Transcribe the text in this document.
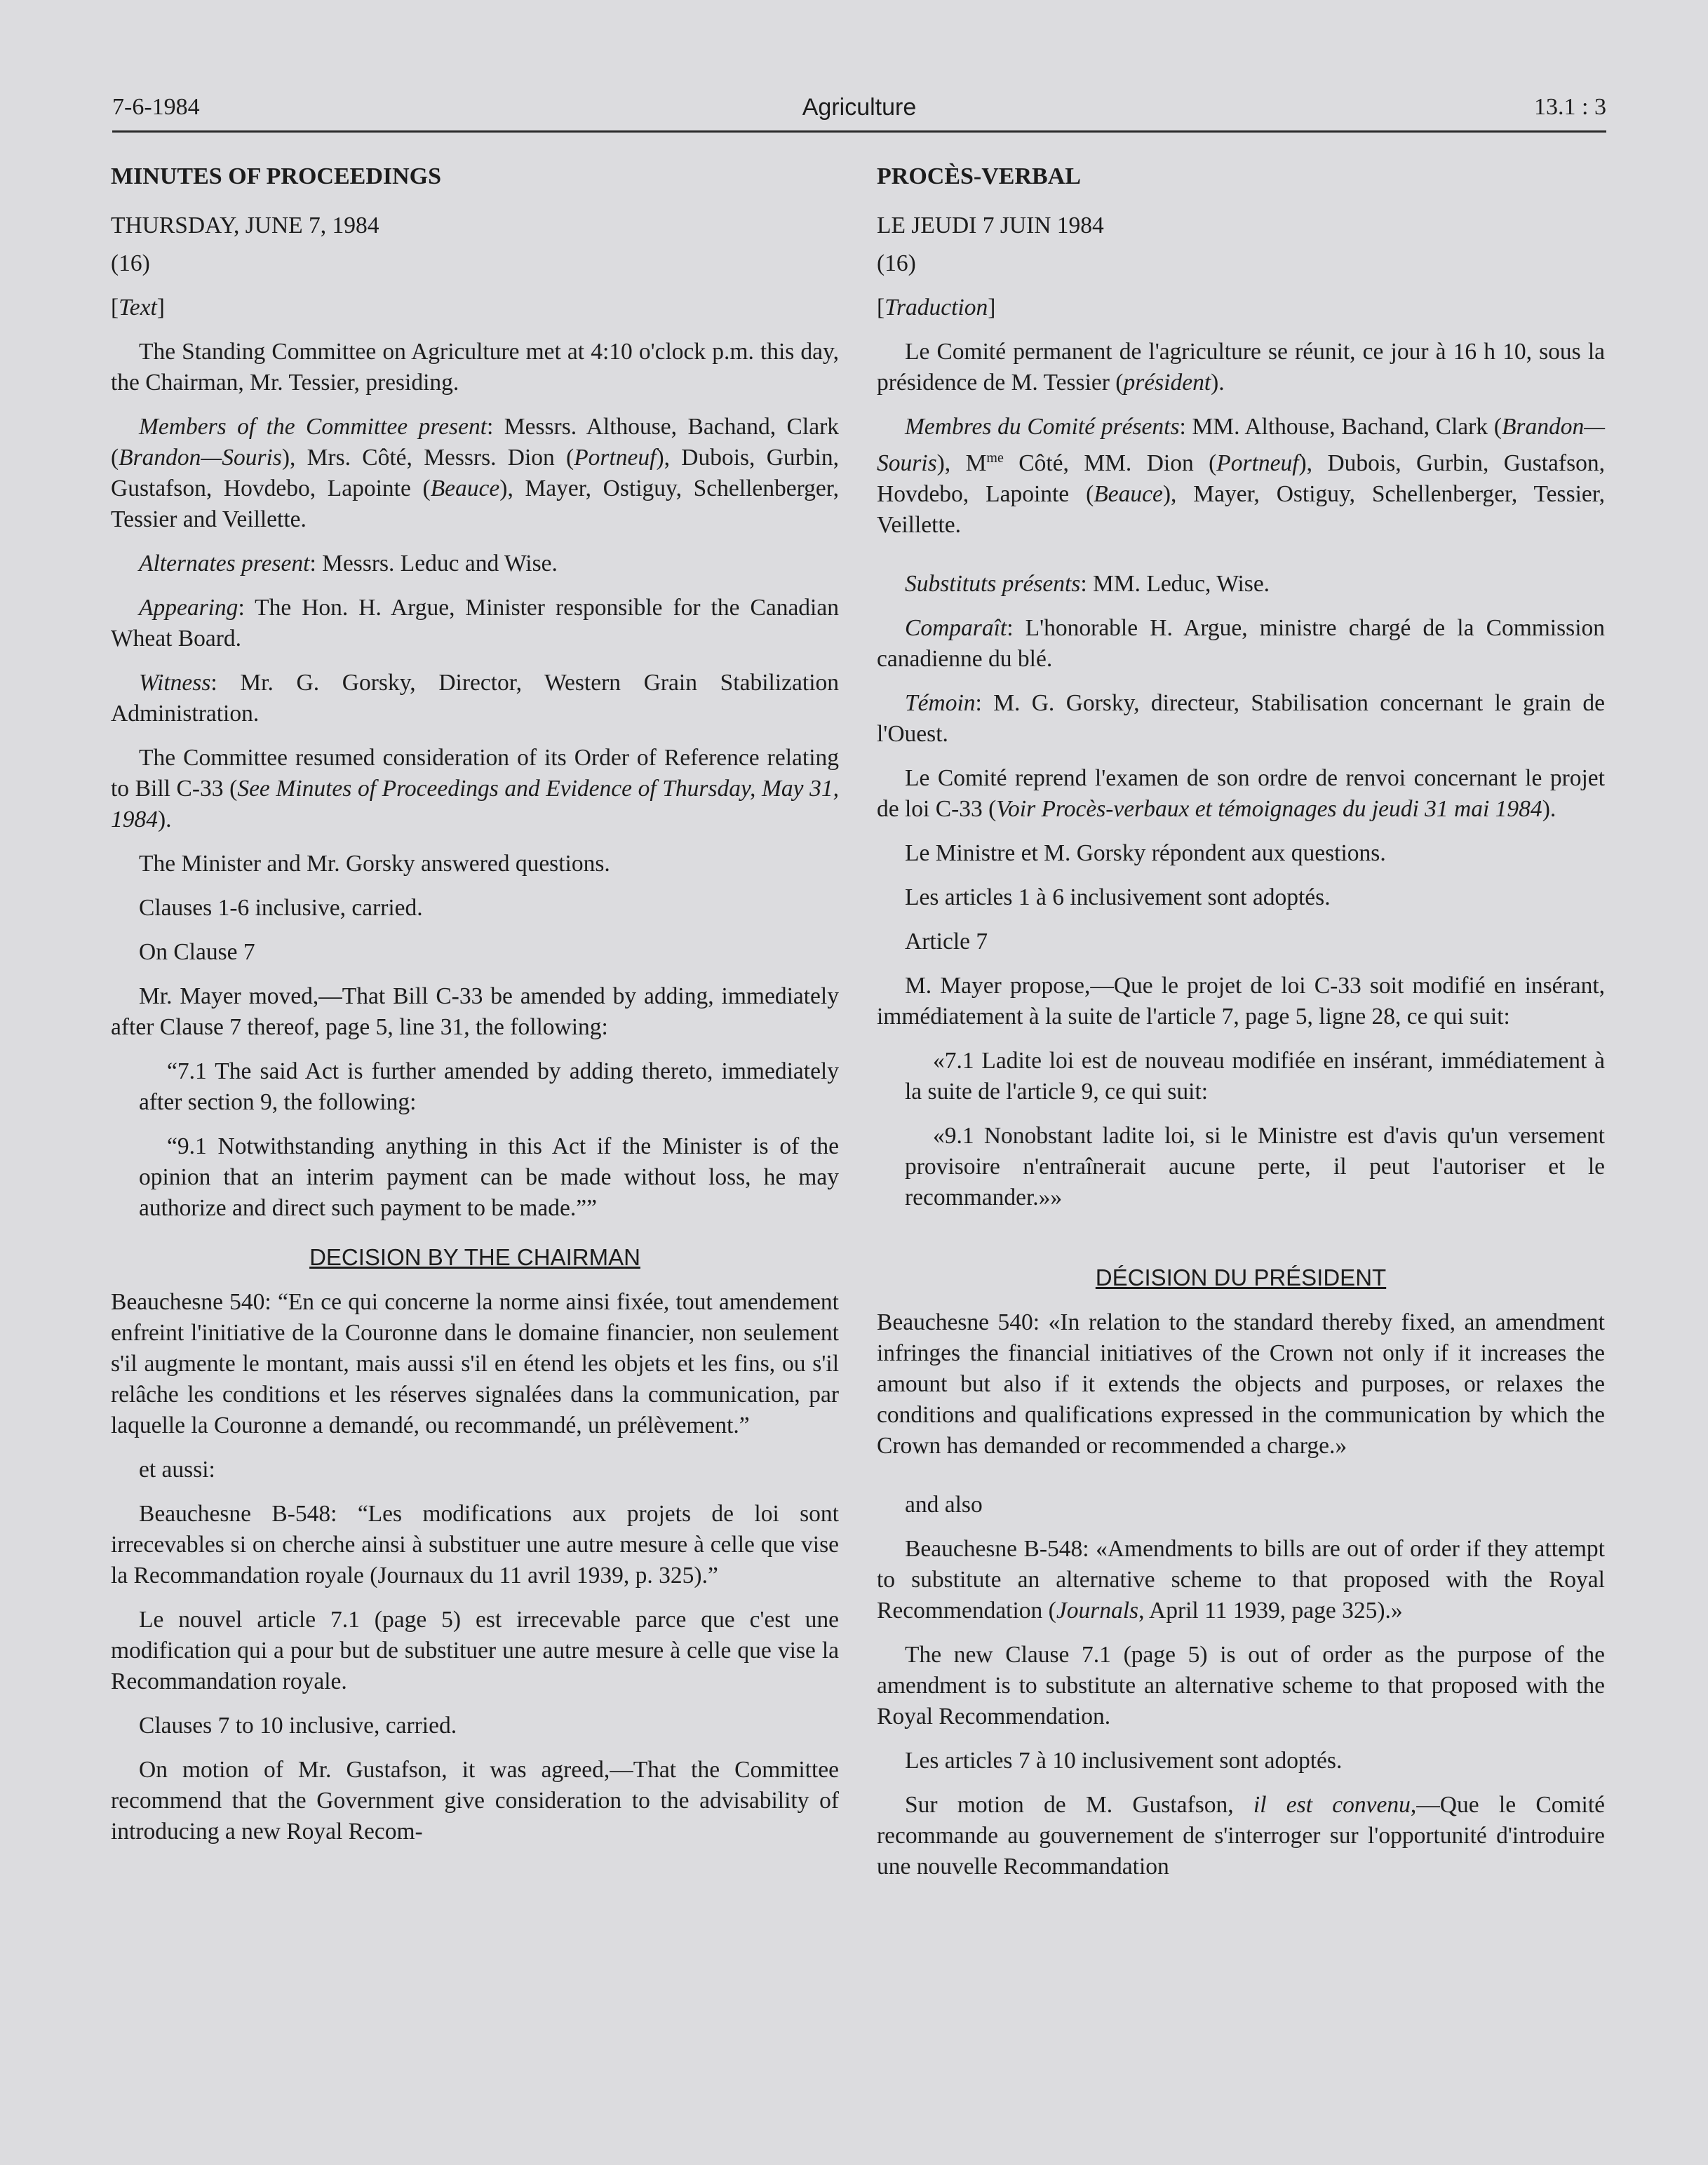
7-6-1984	Agriculture	13.1 : 3

MINUTES OF PROCEEDINGS

THURSDAY, JUNE 7, 1984

(16)

[Text]

The Standing Committee on Agriculture met at 4:10 o'clock p.m. this day, the Chairman, Mr. Tessier, presiding.

Members of the Committee present: Messrs. Althouse, Bachand, Clark (Brandon—Souris), Mrs. Côté, Messrs. Dion (Portneuf), Dubois, Gurbin, Gustafson, Hovdebo, Lapointe (Beauce), Mayer, Ostiguy, Schellenberger, Tessier and Veillette.

Alternates present: Messrs. Leduc and Wise.

Appearing: The Hon. H. Argue, Minister responsible for the Canadian Wheat Board.

Witness: Mr. G. Gorsky, Director, Western Grain Stabilization Administration.

The Committee resumed consideration of its Order of Reference relating to Bill C-33 (See Minutes of Proceedings and Evidence of Thursday, May 31, 1984).

The Minister and Mr. Gorsky answered questions.

Clauses 1-6 inclusive, carried.

On Clause 7

Mr. Mayer moved,—That Bill C-33 be amended by adding, immediately after Clause 7 thereof, page 5, line 31, the following:

“7.1 The said Act is further amended by adding thereto, immediately after section 9, the following:

“9.1 Notwithstanding anything in this Act if the Minister is of the opinion that an interim payment can be made without loss, he may authorize and direct such payment to be made.””

DECISION BY THE CHAIRMAN

Beauchesne 540: “En ce qui concerne la norme ainsi fixée, tout amendement enfreint l'initiative de la Couronne dans le domaine financier, non seulement s'il augmente le montant, mais aussi s'il en étend les objets et les fins, ou s'il relâche les conditions et les réserves signalées dans la communication, par laquelle la Couronne a demandé, ou recommandé, un prélèvement.”

et aussi:

Beauchesne B-548: “Les modifications aux projets de loi sont irrecevables si on cherche ainsi à substituer une autre mesure à celle que vise la Recommandation royale (Journaux du 11 avril 1939, p. 325).”

Le nouvel article 7.1 (page 5) est irrecevable parce que c'est une modification qui a pour but de substituer une autre mesure à celle que vise la Recommandation royale.

Clauses 7 to 10 inclusive, carried.

On motion of Mr. Gustafson, it was agreed,—That the Committee recommend that the Government give consideration to the advisability of introducing a new Royal Recom-

PROCÈS-VERBAL

LE JEUDI 7 JUIN 1984

(16)

[Traduction]

Le Comité permanent de l'agriculture se réunit, ce jour à 16 h 10, sous la présidence de M. Tessier (président).

Membres du Comité présents: MM. Althouse, Bachand, Clark (Brandon—Souris), $M^{me}$ Côté, MM. Dion (Portneuf), Dubois, Gurbin, Gustafson, Hovdebo, Lapointe (Beauce), Mayer, Ostiguy, Schellenberger, Tessier, Veillette.

Substituts présents: MM. Leduc, Wise.

Comparaît: L'honorable H. Argue, ministre chargé de la Commission canadienne du blé.

Témoin: M. G. Gorsky, directeur, Stabilisation concernant le grain de l'Ouest.

Le Comité reprend l'examen de son ordre de renvoi concernant le projet de loi C-33 (Voir Procès-verbaux et témoignages du jeudi 31 mai 1984).

Le Ministre et M. Gorsky répondent aux questions.

Les articles 1 à 6 inclusivement sont adoptés.

Article 7

M. Mayer propose,—Que le projet de loi C-33 soit modifié en insérant, immédiatement à la suite de l'article 7, page 5, ligne 28, ce qui suit:

«7.1 Ladite loi est de nouveau modifiée en insérant, immédiatement à la suite de l'article 9, ce qui suit:

«9.1 Nonobstant ladite loi, si le Ministre est d'avis qu'un versement provisoire n'entraînerait aucune perte, il peut l'autoriser et le recommander.»»

DÉCISION DU PRÉSIDENT

Beauchesne 540: «In relation to the standard thereby fixed, an amendment infringes the financial initiatives of the Crown not only if it increases the amount but also if it extends the objects and purposes, or relaxes the conditions and qualifications expressed in the communication by which the Crown has demanded or recommended a charge.»

and also

Beauchesne B-548: «Amendments to bills are out of order if they attempt to substitute an alternative scheme to that proposed with the Royal Recommendation (Journals, April 11 1939, page 325).»

The new Clause 7.1 (page 5) is out of order as the purpose of the amendment is to substitute an alternative scheme to that proposed with the Royal Recommendation.

Les articles 7 à 10 inclusivement sont adoptés.

Sur motion de M. Gustafson, il est convenu,—Que le Comité recommande au gouvernement de s'interroger sur l'opportunité d'introduire une nouvelle Recommandation
